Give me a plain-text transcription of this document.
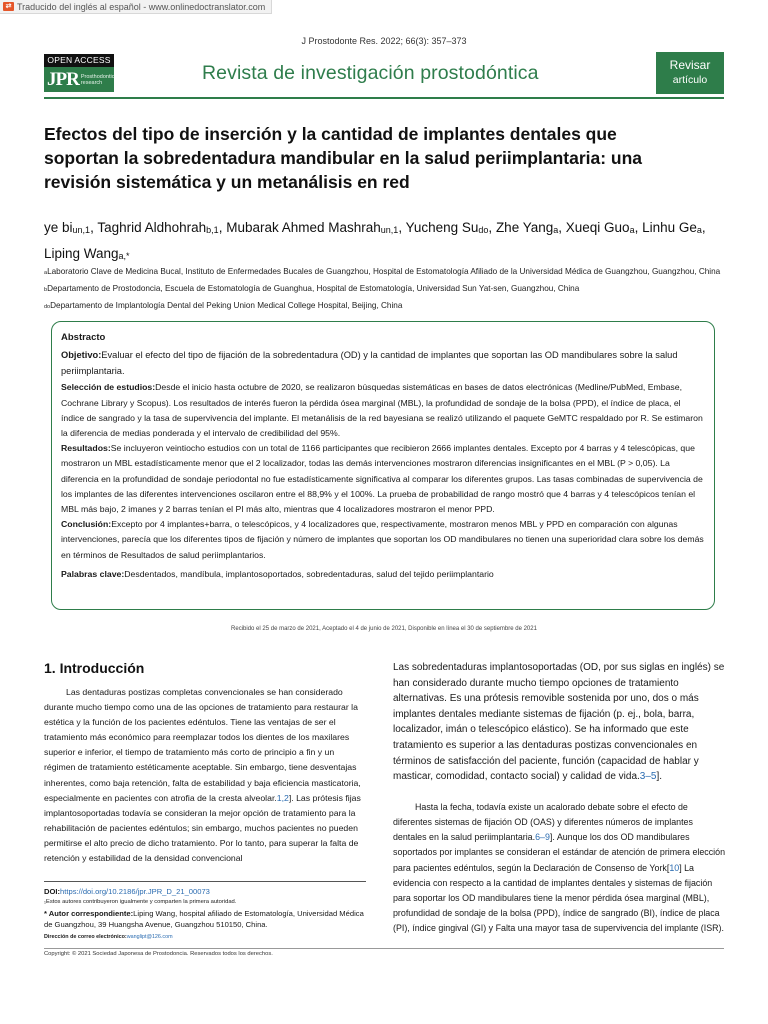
⇄ Traducido del inglés al español - www.onlinedoctranslator.com
J Prostodonte Res. 2022; 66(3): 357–373
OPEN ACCESS
JPR Prosthodontic research	Revista de investigación prostodóntica	Revisar
artículo
Efectos del tipo de inserción y la cantidad de implantes dentales que soportan la sobredentadura mandibular en la salud periimplantaria: una revisión sistemática y un metanálisis en red
ye $bi_{un,1}$, Taghrid Aldhohrah$_{b,1}$, Mubarak Ahmed Mashrah$_{un,1}$, Yucheng $Su_{do}$, Zhe Yang$_a$, Xueqi Guo$_a$, Linhu $Ge_a$, Liping Wang$_{a,*}$
aLaboratorio Clave de Medicina Bucal, Instituto de Enfermedades Bucales de Guangzhou, Hospital de Estomatología Afiliado de la Universidad Médica de Guangzhou, Guangzhou, China
bDepartamento de Prostodoncia, Escuela de Estomatología de Guanghua, Hospital de Estomatología, Universidad Sun Yat-sen, Guangzhou, China
doDepartamento de Implantología Dental del Peking Union Medical College Hospital, Beijing, China
Abstracto

Objetivo:Evaluar el efecto del tipo de fijación de la sobredentadura (OD) y la cantidad de implantes que soportan las OD mandibulares sobre la salud periimplantaria.

Selección de estudios:Desde el inicio hasta octubre de 2020, se realizaron búsquedas sistemáticas en bases de datos electrónicas (Medline/PubMed, Embase, Cochrane Library y Scopus). Los resultados de interés fueron la pérdida ósea marginal (MBL), la profundidad de sondaje de la bolsa (PPD), el índice de placa, el índice de sangrado y la tasa de supervivencia del implante. El metanálisis de la red bayesiana se realizó utilizando el paquete GeMTC respaldado por R. Se estimaron la diferencia de medias ponderada y el intervalo de credibilidad del 95%.

Resultados:Se incluyeron veintiocho estudios con un total de 1166 participantes que recibieron 2666 implantes dentales. Excepto por 4 barras y 4 telescópicas, que mostraron un MBL estadísticamente menor que el 2 localizador, todas las demás intervenciones mostraron diferencias insignificantes en el MBL (P > 0,05). La diferencia en la profundidad de sondaje periodontal no fue estadísticamente significativa al comparar los diferentes grupos. Las tasas combinadas de supervivencia de los implantes de las diferentes intervenciones oscilaron entre el 88,9% y el 100%. La prueba de probabilidad de rango mostró que 4 barras y 4 telescópicos tenían el MBL más bajo, 2 imanes y 2 barras tenían el PI más alto, mientras que 4 localizadores mostraron el menor PPD.

Conclusión:Excepto por 4 implantes+barra, o telescópicos, y 4 localizadores que, respectivamente, mostraron menos MBL y PPD en comparación con algunas intervenciones, parecía que los diferentes tipos de fijación y número de implantes que soportan los OD mandibulares no tienen una superioridad clara sobre los demás en términos de Resultados de salud periimplantarios.

Palabras clave:Desdentados, mandíbula, implantosoportados, sobredentaduras, salud del tejido periimplantario

Recibido el 25 de marzo de 2021, Aceptado el 4 de junio de 2021, Disponible en línea el 30 de septiembre de 2021
1. Introducción

Las dentaduras postizas completas convencionales se han considerado durante mucho tiempo como una de las opciones de tratamiento para restaurar la estética y la función de los pacientes edéntulos. Tiene las ventajas de ser el tratamiento más económico para reemplazar todos los dientes de los maxilares superior e inferior, el tiempo de tratamiento más corto de principio a fin y un régimen de tratamiento estéticamente aceptable. Sin embargo, tiene desventajas inherentes, como baja retención, falta de estabilidad y baja eficiencia masticatoria, especialmente en pacientes con atrofia de la cresta alveolar.1,2]. Las prótesis fijas implantosoportadas todavía se consideran la mejor opción de tratamiento para la rehabilitación de pacientes edéntulos; sin embargo, muchos pacientes no pueden permitirse el alto precio de dicho tratamiento. Por lo tanto, para superar la falta de retención y estabilidad de la densidad convencional

Las sobredentaduras implantosoportadas (OD, por sus siglas en inglés) se han considerado durante mucho tiempo opciones de tratamiento alternativas. Es una prótesis removible sostenida por uno, dos o más implantes dentales mediante sistemas de fijación (p. ej., bola, barra, localizador, imán o telescópico elástico). Se ha informado que este tratamiento es superior a las dentaduras postizas convencionales en términos de satisfacción del paciente, función (capacidad de hablar y masticar, comodidad, contacto social) y calidad de vida.3–5].

Hasta la fecha, todavía existe un acalorado debate sobre el efecto de diferentes sistemas de fijación OD (OAS) y diferentes números de implantes dentales en la salud periimplantaria.6–9]. Aunque los dos OD mandibulares soportados por implantes se consideran el estándar de atención de primera elección para pacientes edéntulos, según la Declaración de Consenso de York[10] La evidencia con respecto a la cantidad de implantes dentales y sistemas de fijación para soportar los OD mandibulares tiene la menor pérdida ósea marginal (MBL), profundidad de sondaje de la bolsa (PPD), índice de sangrado (BI), índice de placa (PI), índice gingival (GI) y Falta una mayor tasa de supervivencia del implante (ISR).

DOI:https://doi.org/10.2186/jpr.JPR_D_21_00073
₁Estos autores contribuyeron igualmente y comparten la primera autoridad.
* Autor correspondiente:Liping Wang, hospital afiliado de Estomatología, Universidad Médica de Guangzhou, 39 Huangsha Avenue, Guangzhou 510150, China.
Dirección de correo electrónico:wanglipt@126.com
Copyright: © 2021 Sociedad Japonesa de Prostodoncia. Reservados todos los derechos.
